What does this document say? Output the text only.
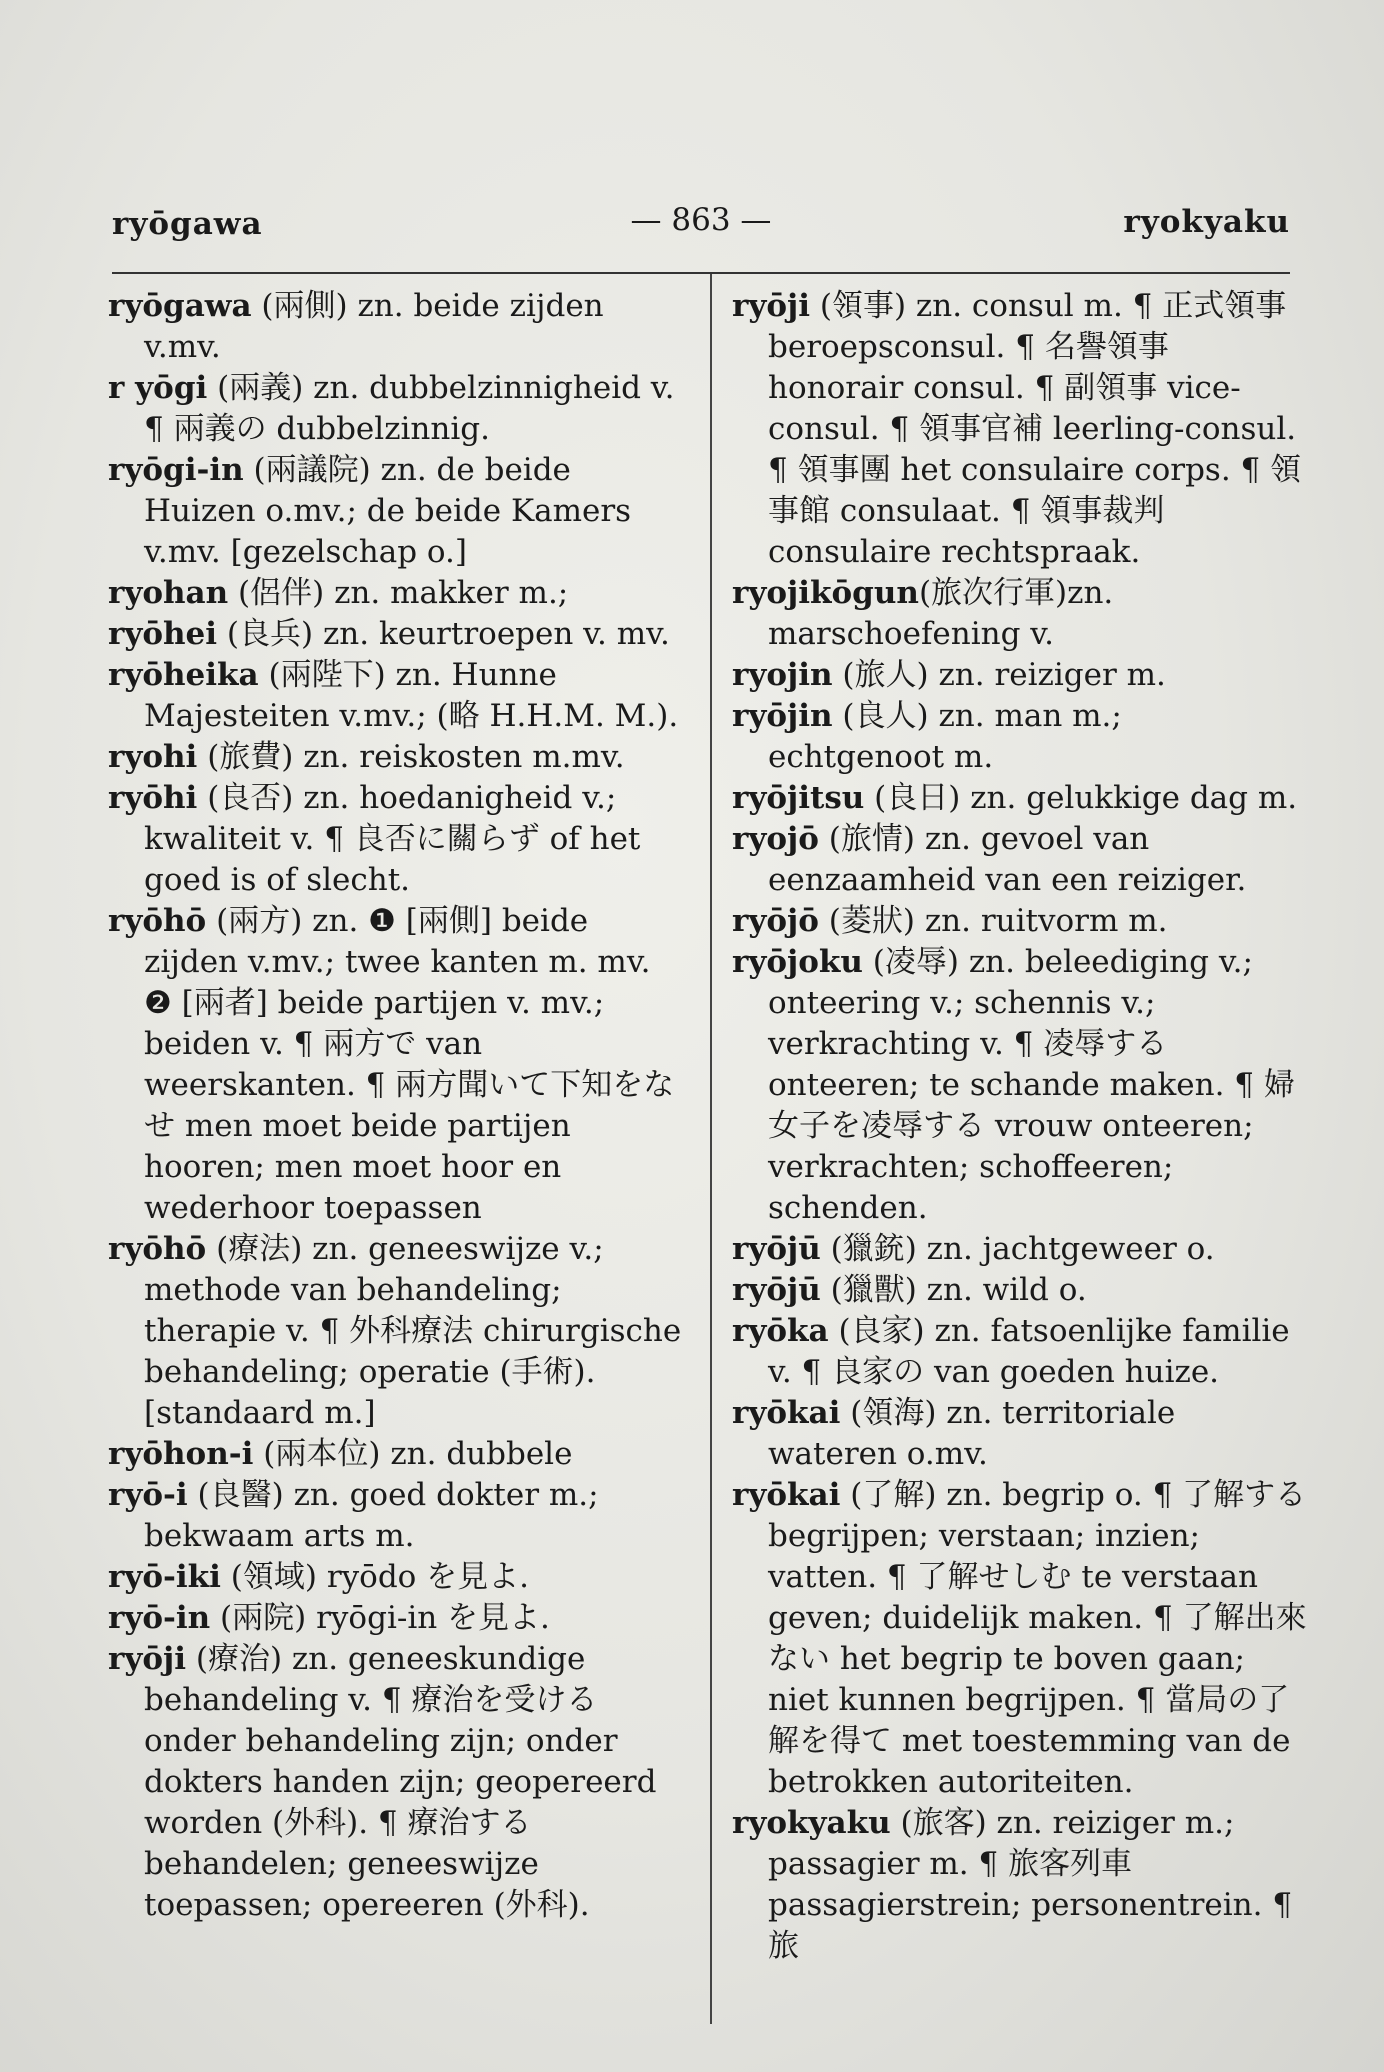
ryōgawa	— 863 —	ryokyaku

ryōgawa (兩側) zn. beide zijden v.mv.

r yōgi (兩義) zn. dubbelzinnigheid v. ¶ 兩義の dubbelzinnig.

ryōgi-in (兩議院) zn. de beide Huizen o.mv.; de beide Kamers v.mv. [gezelschap o.]

ryohan (侶伴) zn. makker m.;

ryōhei (良兵) zn. keurtroepen v. mv.

ryōheika (兩陛下) zn. Hunne Majesteiten v.mv.; (略 H.H.M. M.).

ryohi (旅費) zn. reiskosten m.mv.

ryōhi (良否) zn. hoedanigheid v.; kwaliteit v. ¶ 良否に關らず of het goed is of slecht.

ryōhō (兩方) zn. ❶ [兩側] beide zijden v.mv.; twee kanten m. mv. ❷ [兩者] beide partijen v. mv.; beiden v. ¶ 兩方で van weerskanten. ¶ 兩方聞いて下知をなせ men moet beide partijen hooren; men moet hoor en wederhoor toepassen

ryōhō (療法) zn. geneeswijze v.; methode van behandeling; therapie v. ¶ 外科療法 chirurgische behandeling; operatie (手術). [standaard m.]

ryōhon-i (兩本位) zn. dubbele

ryō-i (良醫) zn. goed dokter m.; bekwaam arts m.

ryō-iki (領域) ryōdo を見よ.

ryō-in (兩院) ryōgi-in を見よ.

ryōji (療治) zn. geneeskundige behandeling v. ¶ 療治を受ける onder behandeling zijn; onder dokters handen zijn; geopereerd worden (外科). ¶ 療治する behandelen; geneeswijze toepassen; opereeren (外科).

ryōji (領事) zn. consul m. ¶ 正式領事 beroepsconsul. ¶ 名譽領事 honorair consul. ¶ 副領事 vice-consul. ¶ 領事官補 leerling-consul. ¶ 領事團 het consulaire corps. ¶ 領事館 consulaat. ¶ 領事裁判 consulaire rechtspraak.

ryojikōgun(旅次行軍)zn. marschoefening v.

ryojin (旅人) zn. reiziger m.

ryōjin (良人) zn. man m.; echtgenoot m.

ryōjitsu (良日) zn. gelukkige dag m.

ryojō (旅情) zn. gevoel van eenzaamheid van een reiziger.

ryōjō (菱狀) zn. ruitvorm m.

ryōjoku (凌辱) zn. beleediging v.; onteering v.; schennis v.; verkrachting v. ¶ 凌辱する onteeren; te schande maken. ¶ 婦女子を凌辱する vrouw onteeren; verkrachten; schoffeeren; schenden.

ryōjū (獵銃) zn. jachtgeweer o.

ryōjū (獵獸) zn. wild o.

ryōka (良家) zn. fatsoenlijke familie v. ¶ 良家の van goeden huize.

ryōkai (領海) zn. territoriale wateren o.mv.

ryōkai (了解) zn. begrip o. ¶ 了解する begrijpen; verstaan; inzien; vatten. ¶ 了解せしむ te verstaan geven; duidelijk maken. ¶ 了解出來ない het begrip te boven gaan; niet kunnen begrijpen. ¶ 當局の了解を得て met toestemming van de betrokken autoriteiten.

ryokyaku (旅客) zn. reiziger m.; passagier m. ¶ 旅客列車 passagierstrein; personentrein. ¶ 旅
